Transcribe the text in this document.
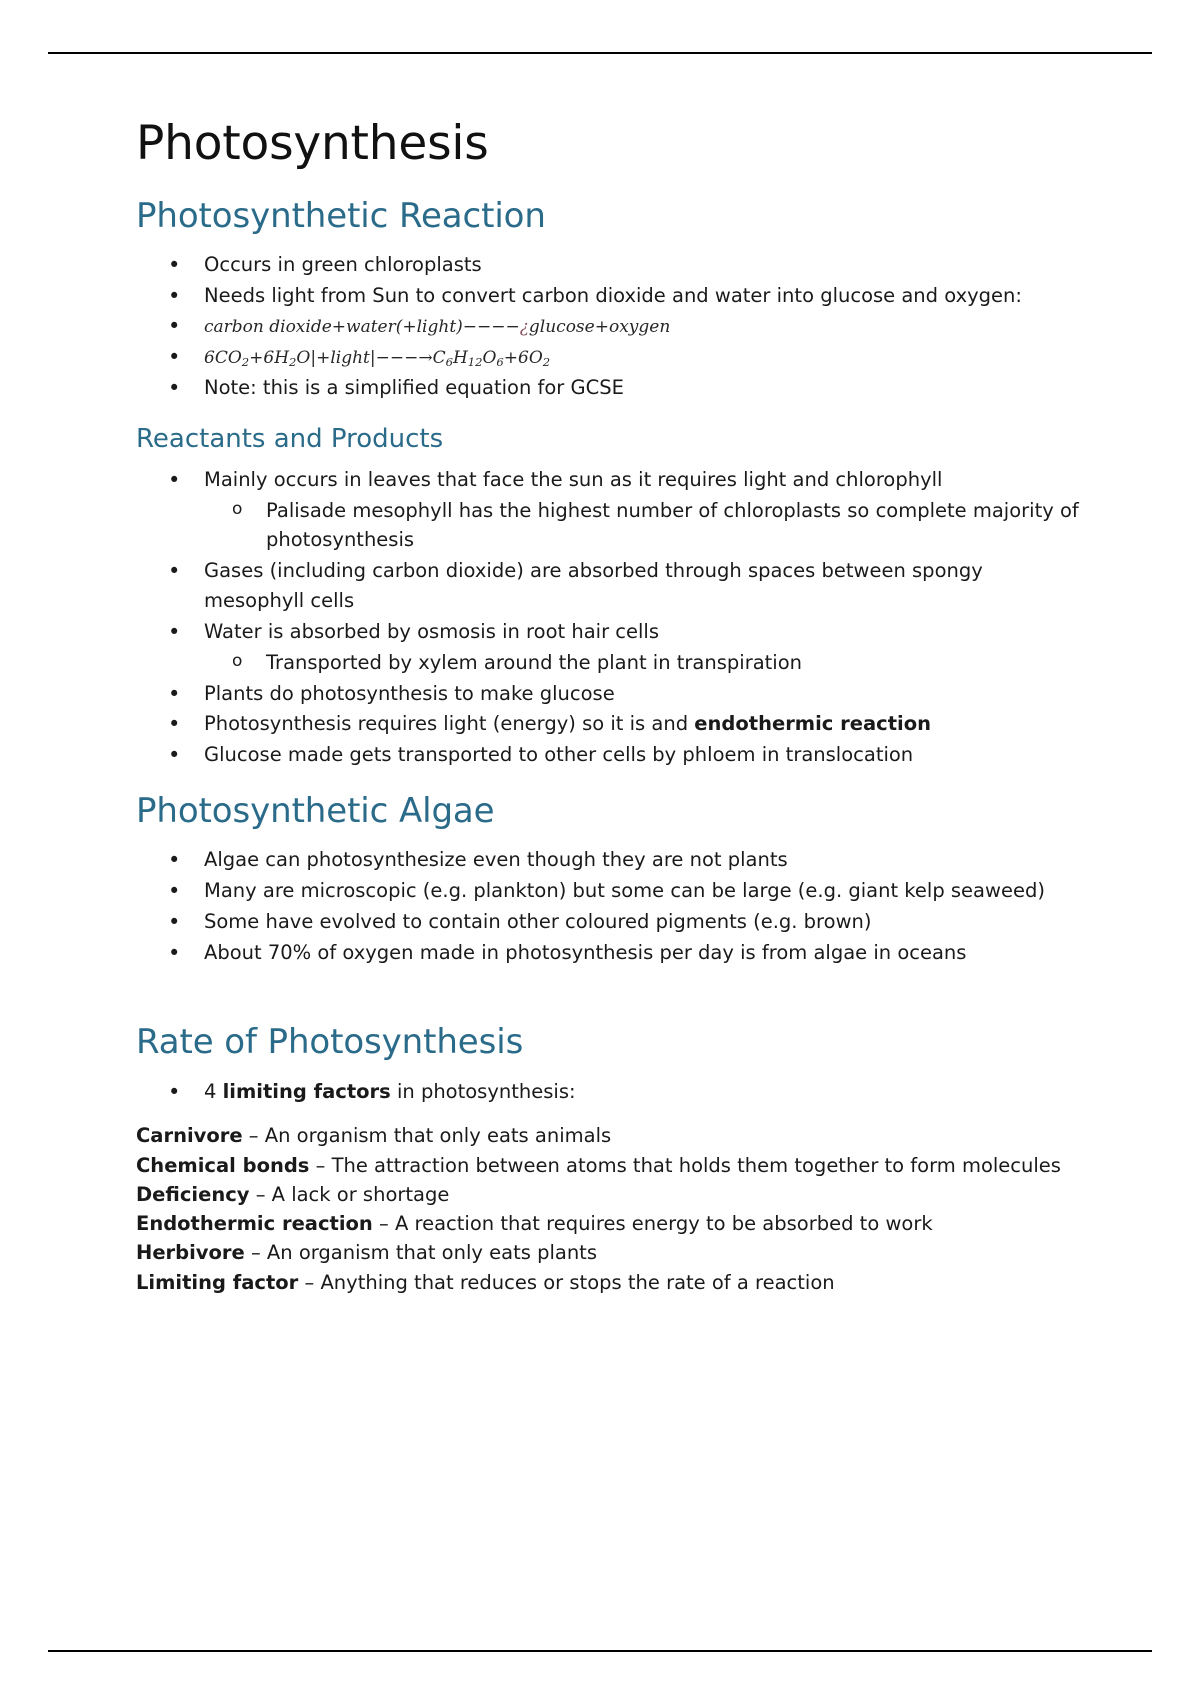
Photosynthesis
Photosynthetic Reaction
• Occurs in green chloroplasts
• Needs light from Sun to convert carbon dioxide and water into glucose and oxygen:
• carbon dioxide+water(+light)−−−−¿glucose+oxygen
• $6CO_2+6H_2O|+light|---\to C_6H_{12}O_6+6O_2$
• Note: this is a simplified equation for GCSE
Reactants and Products
• Mainly occurs in leaves that face the sun as it requires light and chlorophyll
o Palisade mesophyll has the highest number of chloroplasts so complete majority of photosynthesis
• Gases (including carbon dioxide) are absorbed through spaces between spongy mesophyll cells
• Water is absorbed by osmosis in root hair cells
o Transported by xylem around the plant in transpiration
• Plants do photosynthesis to make glucose
• Photosynthesis requires light (energy) so it is and endothermic reaction
• Glucose made gets transported to other cells by phloem in translocation
Photosynthetic Algae
• Algae can photosynthesize even though they are not plants
• Many are microscopic (e.g. plankton) but some can be large (e.g. giant kelp seaweed)
• Some have evolved to contain other coloured pigments (e.g. brown)
• About 70% of oxygen made in photosynthesis per day is from algae in oceans
Rate of Photosynthesis
• 4 limiting factors in photosynthesis:

Carnivore – An organism that only eats animals

Chemical bonds – The attraction between atoms that holds them together to form molecules

Deficiency – A lack or shortage

Endothermic reaction – A reaction that requires energy to be absorbed to work

Herbivore – An organism that only eats plants

Limiting factor – Anything that reduces or stops the rate of a reaction
